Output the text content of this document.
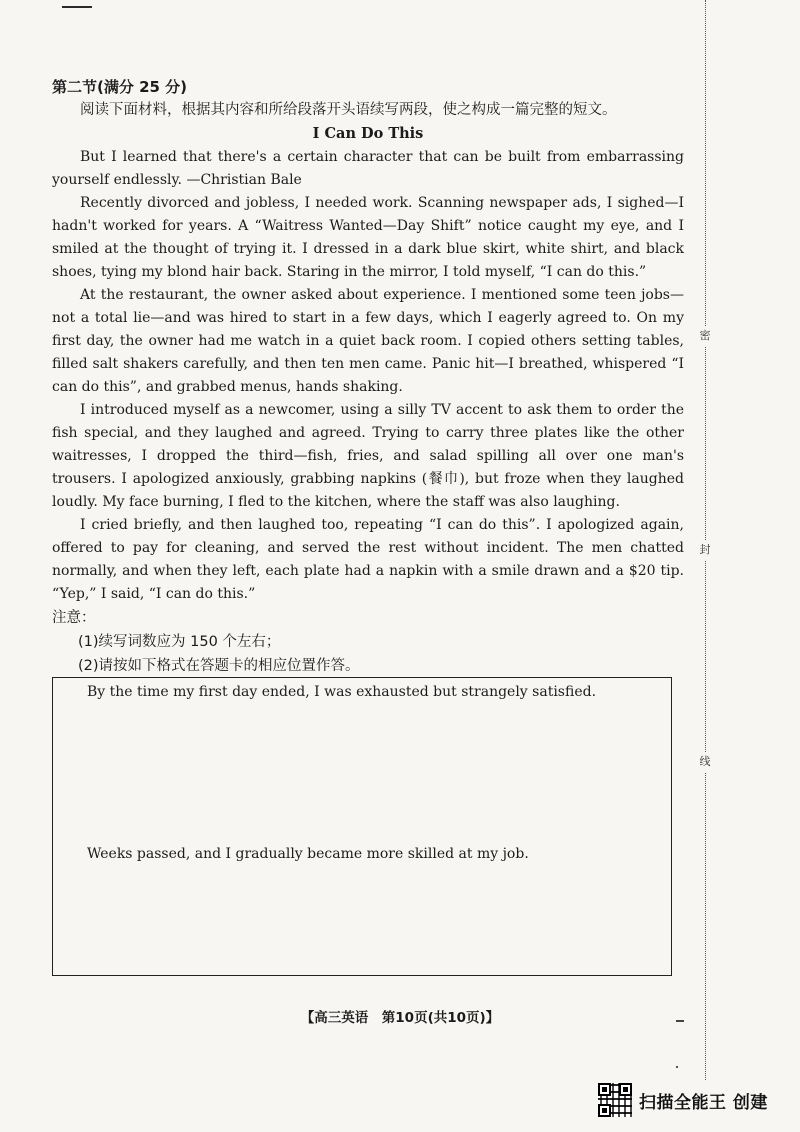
密
封
线

第二节(满分 25 分)

阅读下面材料，根据其内容和所给段落开头语续写两段，使之构成一篇完整的短文。

I Can Do This

But I learned that there's a certain character that can be built from embarrassing yourself endlessly. —Christian Bale

Recently divorced and jobless, I needed work. Scanning newspaper ads, I sighed—I hadn't worked for years. A “Waitress Wanted—Day Shift” notice caught my eye, and I smiled at the thought of trying it. I dressed in a dark blue skirt, white shirt, and black shoes, tying my blond hair back. Staring in the mirror, I told myself, “I can do this.”

At the restaurant, the owner asked about experience. I mentioned some teen jobs—not a total lie—and was hired to start in a few days, which I eagerly agreed to. On my first day, the owner had me watch in a quiet back room. I copied others setting tables, filled salt shakers carefully, and then ten men came. Panic hit—I breathed, whispered “I can do this”, and grabbed menus, hands shaking.

I introduced myself as a newcomer, using a silly TV accent to ask them to order the fish special, and they laughed and agreed. Trying to carry three plates like the other waitresses, I dropped the third—fish, fries, and salad spilling all over one man's trousers. I apologized anxiously, grabbing napkins (餐巾), but froze when they laughed loudly. My face burning, I fled to the kitchen, where the staff was also laughing.

I cried briefly, and then laughed too, repeating “I can do this”. I apologized again, offered to pay for cleaning, and served the rest without incident. The men chatted normally, and when they left, each plate had a napkin with a smile drawn and a $20 tip. “Yep,” I said, “I can do this.”

注意：

(1)续写词数应为 150 个左右；

(2)请按如下格式在答题卡的相应位置作答。

By the time my first day ended, I was exhausted but strangely satisfied.

Weeks passed, and I gradually became more skilled at my job.

【高三英语　第10页(共10页)】
扫描全能王 创建
